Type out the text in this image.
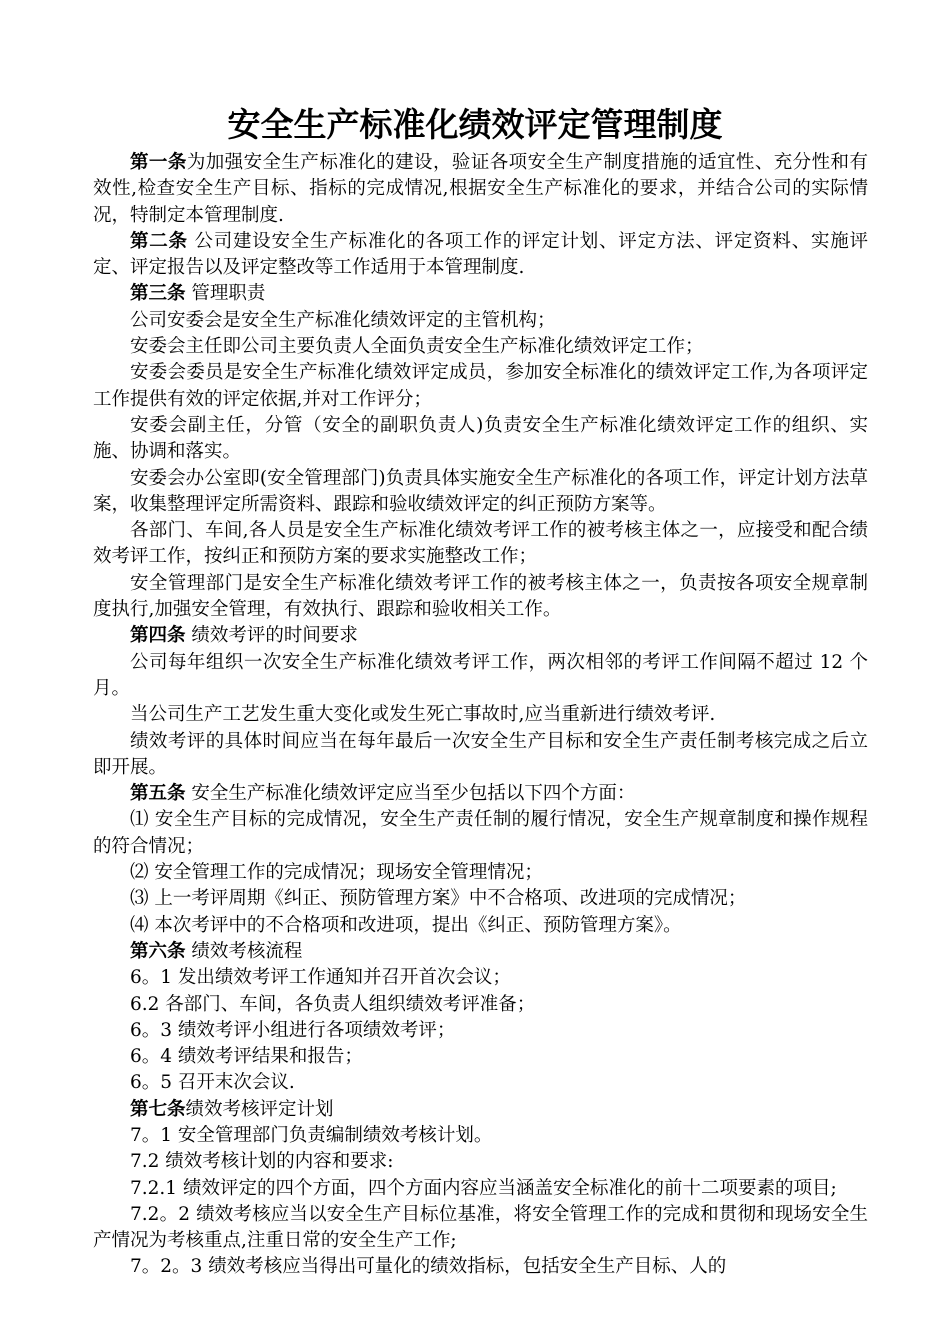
安全生产标准化绩效评定管理制度

第一条为加强安全生产标准化的建设，验证各项安全生产制度措施的适宜性、充分性和有效性,检查安全生产目标、指标的完成情况,根据安全生产标准化的要求，并结合公司的实际情况，特制定本管理制度.

第二条 公司建设安全生产标准化的各项工作的评定计划、评定方法、评定资料、实施评定、评定报告以及评定整改等工作适用于本管理制度.

第三条 管理职责

公司安委会是安全生产标准化绩效评定的主管机构；

安委会主任即公司主要负责人全面负责安全生产标准化绩效评定工作；

安委会委员是安全生产标准化绩效评定成员，参加安全标准化的绩效评定工作,为各项评定工作提供有效的评定依据,并对工作评分；

安委会副主任，分管（安全的副职负责人)负责安全生产标准化绩效评定工作的组织、实施、协调和落实。

安委会办公室即(安全管理部门)负责具体实施安全生产标准化的各项工作，评定计划方法草案，收集整理评定所需资料、跟踪和验收绩效评定的纠正预防方案等。

各部门、车间,各人员是安全生产标准化绩效考评工作的被考核主体之一，应接受和配合绩效考评工作，按纠正和预防方案的要求实施整改工作；

安全管理部门是安全生产标准化绩效考评工作的被考核主体之一，负责按各项安全规章制度执行,加强安全管理，有效执行、跟踪和验收相关工作。

第四条 绩效考评的时间要求

公司每年组织一次安全生产标准化绩效考评工作，两次相邻的考评工作间隔不超过 12 个月。

当公司生产工艺发生重大变化或发生死亡事故时,应当重新进行绩效考评.

绩效考评的具体时间应当在每年最后一次安全生产目标和安全生产责任制考核完成之后立即开展。

第五条 安全生产标准化绩效评定应当至少包括以下四个方面：

⑴ 安全生产目标的完成情况，安全生产责任制的履行情况，安全生产规章制度和操作规程的符合情况；

⑵ 安全管理工作的完成情况；现场安全管理情况；

⑶ 上一考评周期《纠正、预防管理方案》中不合格项、改进项的完成情况；

⑷ 本次考评中的不合格项和改进项，提出《纠正、预防管理方案》。

第六条 绩效考核流程

6。1 发出绩效考评工作通知并召开首次会议；

6.2 各部门、车间，各负责人组织绩效考评准备；

6。3 绩效考评小组进行各项绩效考评；

6。4 绩效考评结果和报告；

6。5 召开末次会议.

第七条绩效考核评定计划

7。1 安全管理部门负责编制绩效考核计划。

7.2 绩效考核计划的内容和要求:

7.2.1 绩效评定的四个方面，四个方面内容应当涵盖安全标准化的前十二项要素的项目;

7.2。2 绩效考核应当以安全生产目标位基准，将安全管理工作的完成和贯彻和现场安全生产情况为考核重点,注重日常的安全生产工作;

7。2。3 绩效考核应当得出可量化的绩效指标，包括安全生产目标、人的
